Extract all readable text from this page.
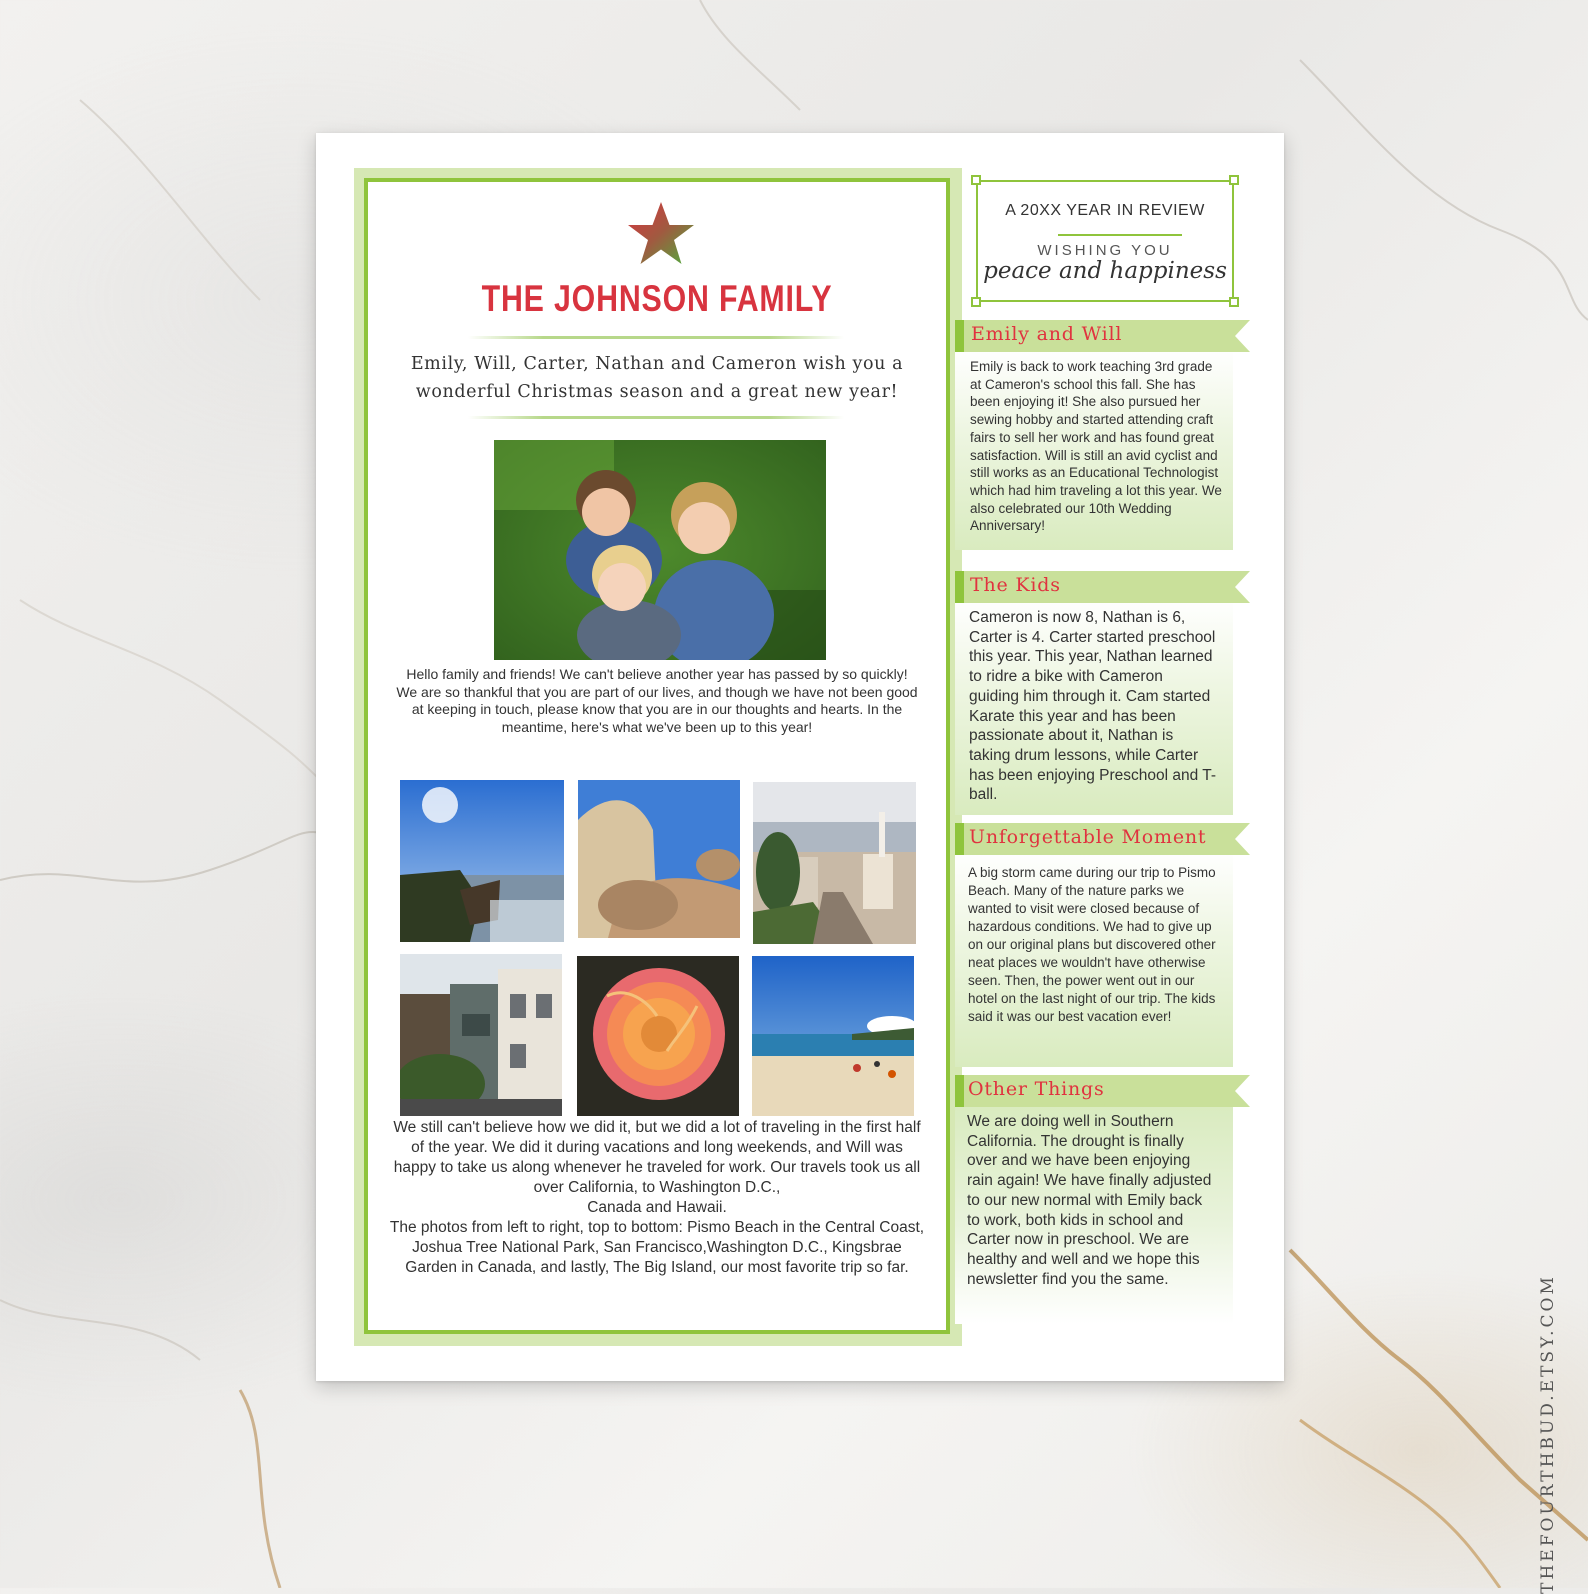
THE JOHNSON FAMILY
Emily, Will, Carter, Nathan and Cameron wish you a wonderful Christmas season and a great new year!
Hello family and friends! We can't believe another year has passed by so quickly! We are so thankful that you are part of our lives, and though we have not been good at keeping in touch, please know that you are in our thoughts and hearts. In the meantime, here's what we've been up to this year!
We still can't believe how we did it, but we did a lot of traveling in the first half of the year. We did it during vacations and long weekends, and Will was happy to take us along whenever he traveled for work. Our travels took us all over California, to Washington D.C.,
Canada and Hawaii.
The photos from left to right, top to bottom: Pismo Beach in the Central Coast, Joshua Tree National Park, San Francisco,Washington D.C., Kingsbrae Garden in Canada, and lastly, The Big Island, our most favorite trip so far.
A 20XX YEAR IN REVIEW
WISHING YOU
peace and happiness
Emily and Will
Emily is back to work teaching 3rd grade at Cameron's school this fall. She has been enjoying it! She also pursued her sewing hobby and started attending craft fairs to sell her work and has found great satisfaction. Will is still an avid cyclist and still works as an Educational Technologist which had him traveling a lot this year. We also celebrated our 10th Wedding Anniversary!
The Kids
Cameron is now 8, Nathan is 6, Carter is 4. Carter started preschool this year. This year, Nathan learned to ridre a bike with Cameron guiding him through it. Cam started Karate this year and has been passionate about it, Nathan is taking drum lessons, while Carter has been enjoying Preschool and T-ball.
Unforgettable Moment
A big storm came during our trip to Pismo Beach. Many of the nature parks we wanted to visit were closed because of hazardous conditions. We had to give up on our original plans but discovered other neat places we wouldn't have otherwise seen. Then, the power went out in our hotel on the last night of our trip. The kids said it was our best vacation ever!
Other Things
We are doing well in Southern California. The drought is finally over and we have been enjoying rain again! We have finally adjusted to our new normal with Emily back to work, both kids in school and Carter now in preschool. We are healthy and well and we hope this newsletter find you the same.	THEFOURTHBUD.ETSY.COM
